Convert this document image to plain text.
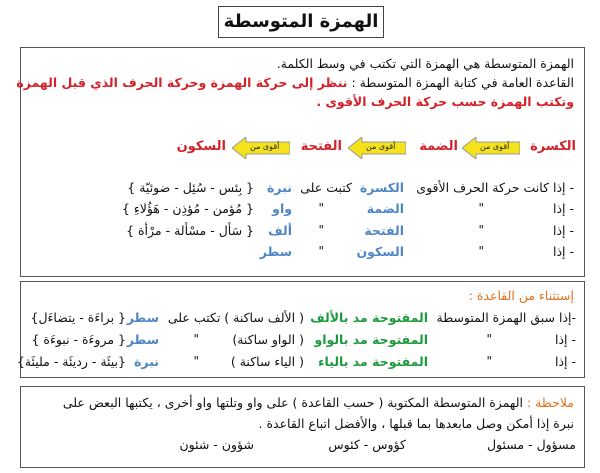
الهمزة المتوسطة
الهمزة المتوسطة هي الهمزة التي تكتب في وسط الكلمة.
القاعدة العامة في كتابة الهمزة المتوسطة : ننظر إلى حركة الهمزة وحركة الحرف الذي قبل الهمزة
وتكتب الهمزة حسب حركة الحرف الأقوى .
الكسرة
أقوى من
الضمة
أقوى من
الفتحة
أقوى من
السكون
- إذا كانت حركة الحرف الأقوى
الكسرة
كتبت على
نبرة
{ بِئس - سُئِل - ضوئيّة }
- إذا
"
الضمة
"
واو
{ مُؤمن - مُؤذِن - هَؤُلاءِ }
- إذا
"
الفتحة
"
ألف
{ سَأل - مسْألة - مرْأة }
- إذا
"
السكون
"
سطر
إستثناء من القاعدة :
-إذا سبق الهمزة المتوسطة
المفتوحة مد بالألف
( الألف ساكنة ) تكتب على
سطر
{ براءَة - يتضاءَل}
- إذا
"
المفتوحة مد بالواو
( الواو ساكنة)
"
سطر
{ مروءَة - نبوءَة }
- إذا
"
المفتوحة مد بالياء
( الياء ساكنة )
"
نبرة
{بيئَة - رديئَة - مليئَة}
ملاحظة : الهمزة المتوسطة المكتوبة ( حسب القاعدة ) على واو وتلتها واو أخرى ، يكتبها البعض على
نبرة إذا أمكن وصل مابعدها بما قبلها ، والأفضل اتباع القاعدة .
مسؤول - مسئول
كؤوس - كئوس
شؤون - شئون
